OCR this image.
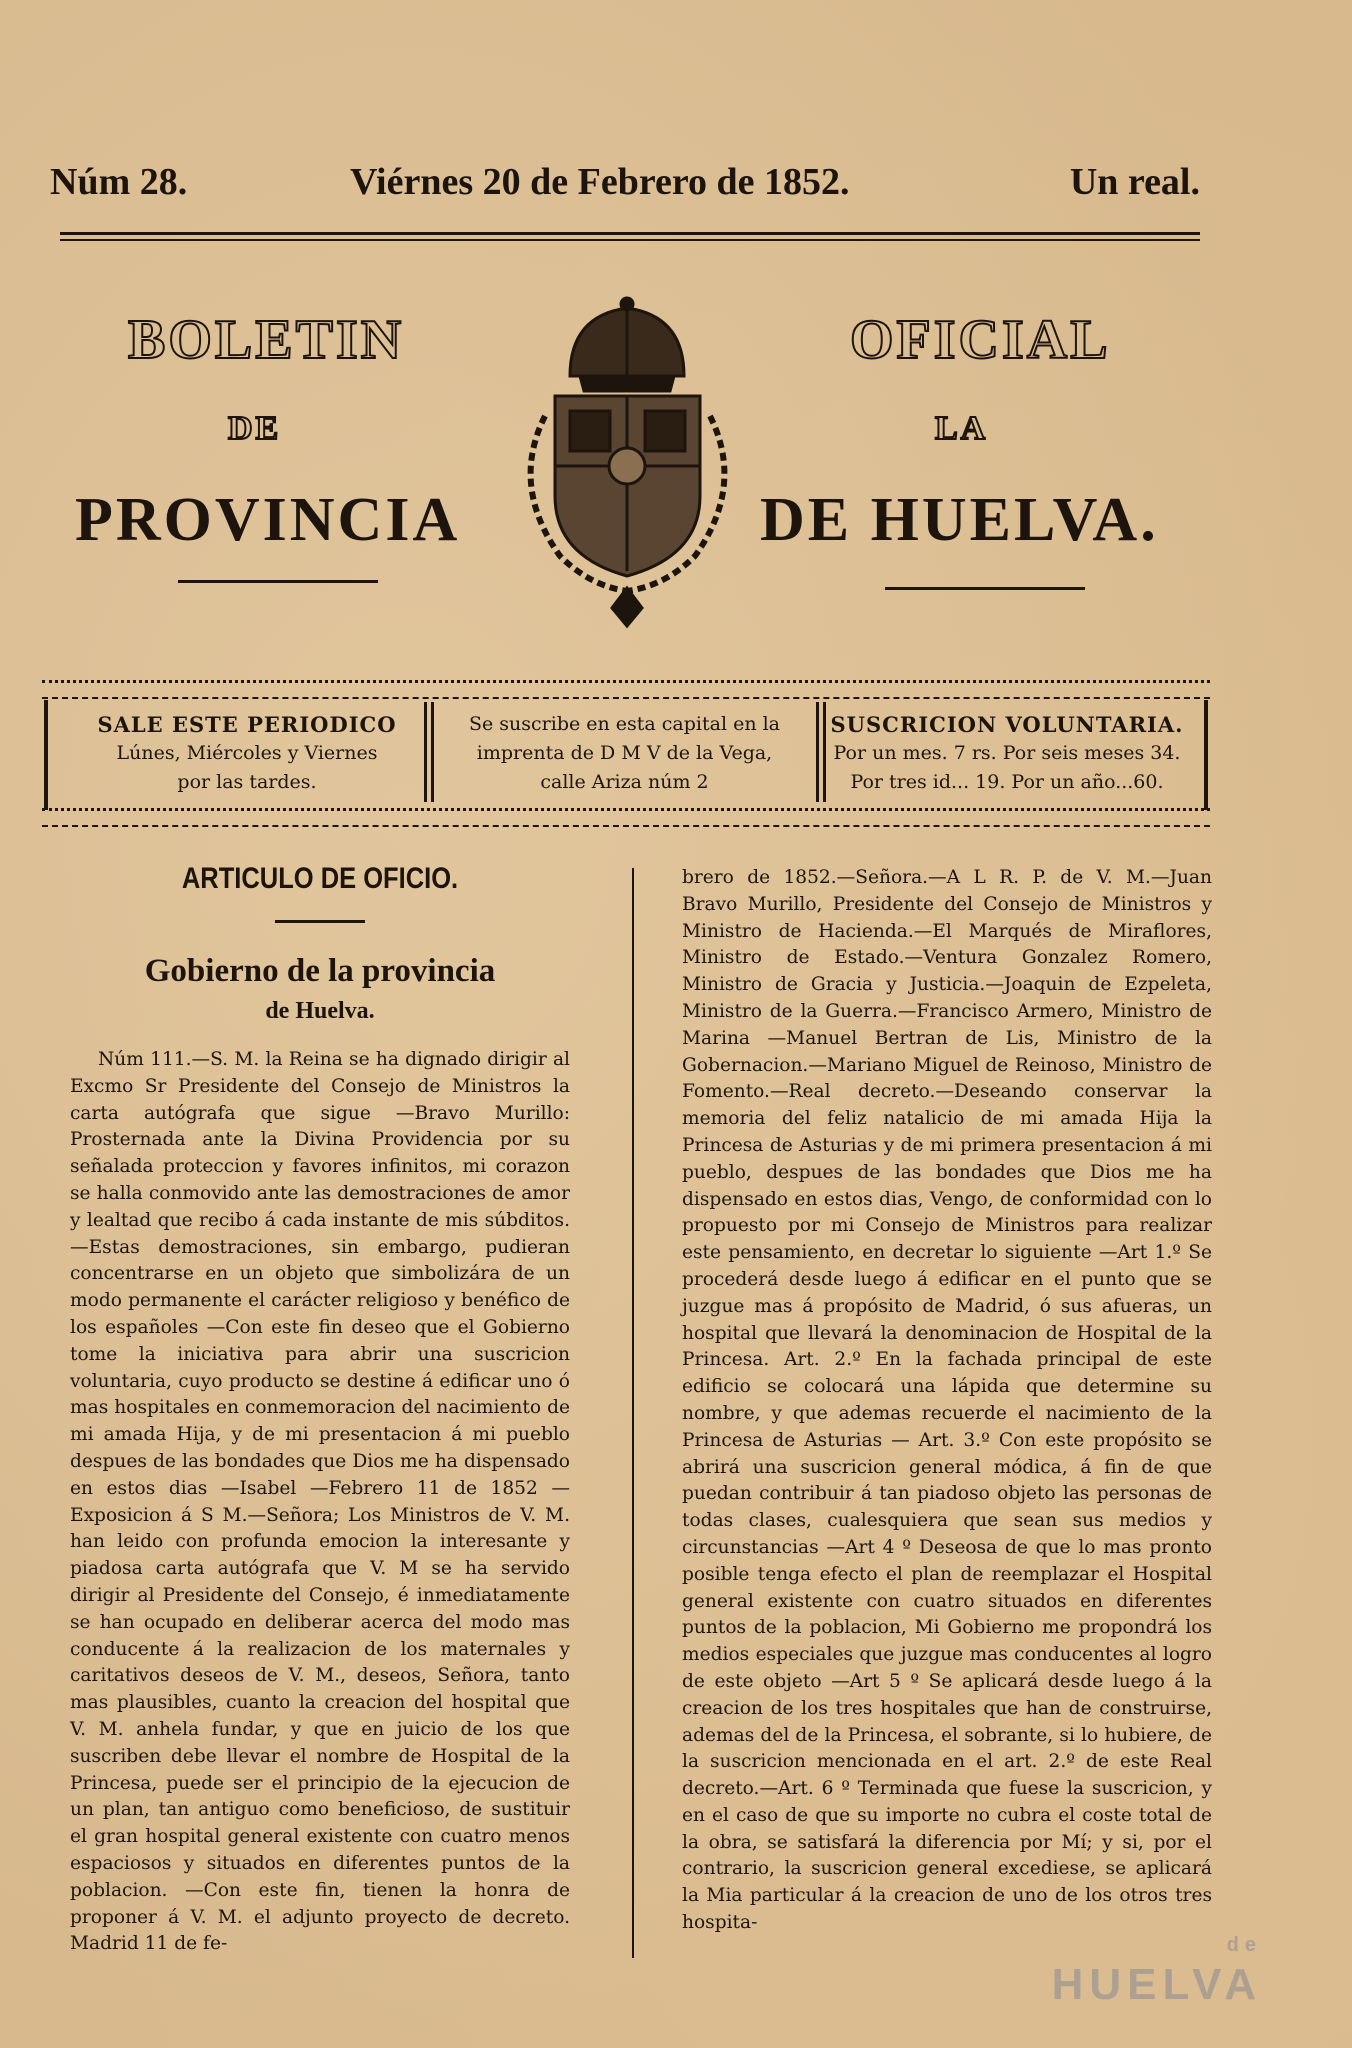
Núm 28.	Viérnes 20 de Febrero de 1852.	Un real.
BOLETIN	OFICIAL
DE	LA
PROVINCIA	DE HUELVA.
SALE ESTE PERIODICO
Lúnes, Miércoles y Viernes
por las tardes.
Se suscribe en esta capital en la
imprenta de D M V de la Vega,
calle Ariza núm 2
SUSCRICION VOLUNTARIA.
Por un mes. 7 rs. Por seis meses 34.
Por tres id... 19. Por un año...60.
ARTICULO DE OFICIO.
Gobierno de la provincia
de Huelva.

Núm 111.—S. M. la Reina se ha dignado dirigir al Excmo Sr Presidente del Consejo de Ministros la carta autógrafa que sigue —Bravo Murillo: Prosternada ante la Divina Providencia por su señalada proteccion y favores infinitos, mi corazon se halla conmovido ante las demostraciones de amor y lealtad que recibo á cada instante de mis súbditos. —Estas demostraciones, sin embargo, pudieran concentrarse en un objeto que simbolizára de un modo permanente el carácter religioso y benéfico de los españoles —Con este fin deseo que el Gobierno tome la iniciativa para abrir una suscricion voluntaria, cuyo producto se destine á edificar uno ó mas hospitales en conmemoracion del nacimiento de mi amada Hija, y de mi presentacion á mi pueblo despues de las bondades que Dios me ha dispensado en estos dias —Isabel —Febrero 11 de 1852 —Exposicion á S M.—Señora; Los Ministros de V. M. han leido con profunda emocion la interesante y piadosa carta autógrafa que V. M se ha servido dirigir al Presidente del Consejo, é inmediatamente se han ocupado en deliberar acerca del modo mas conducente á la realizacion de los maternales y caritativos deseos de V. M., deseos, Señora, tanto mas plausibles, cuanto la creacion del hospital que V. M. anhela fundar, y que en juicio de los que suscriben debe llevar el nombre de Hospital de la Princesa, puede ser el principio de la ejecucion de un plan, tan antiguo como beneficioso, de sustituir el gran hospital general existente con cuatro menos espaciosos y situados en diferentes puntos de la poblacion. —Con este fin, tienen la honra de proponer á V. M. el adjunto proyecto de decreto. Madrid 11 de fe-

brero de 1852.—Señora.—A L R. P. de V. M.—Juan Bravo Murillo, Presidente del Consejo de Ministros y Ministro de Hacienda.—El Marqués de Miraflores, Ministro de Estado.—Ventura Gonzalez Romero, Ministro de Gracia y Justicia.—Joaquin de Ezpeleta, Ministro de la Guerra.—Francisco Armero, Ministro de Marina —Manuel Bertran de Lis, Ministro de la Gobernacion.—Mariano Miguel de Reinoso, Ministro de Fomento.—Real decreto.—Deseando conservar la memoria del feliz natalicio de mi amada Hija la Princesa de Asturias y de mi primera presentacion á mi pueblo, despues de las bondades que Dios me ha dispensado en estos dias, Vengo, de conformidad con lo propuesto por mi Consejo de Ministros para realizar este pensamiento, en decretar lo siguiente —Art 1.º Se procederá desde luego á edificar en el punto que se juzgue mas á propósito de Madrid, ó sus afueras, un hospital que llevará la denominacion de Hospital de la Princesa. Art. 2.º En la fachada principal de este edificio se colocará una lápida que determine su nombre, y que ademas recuerde el nacimiento de la Princesa de Asturias — Art. 3.º Con este propósito se abrirá una suscricion general módica, á fin de que puedan contribuir á tan piadoso objeto las personas de todas clases, cualesquiera que sean sus medios y circunstancias —Art 4 º Deseosa de que lo mas pronto posible tenga efecto el plan de reemplazar el Hospital general existente con cuatro situados en diferentes puntos de la poblacion, Mi Gobierno me propondrá los medios especiales que juzgue mas conducentes al logro de este objeto —Art 5 º Se aplicará desde luego á la creacion de los tres hospitales que han de construirse, ademas del de la Princesa, el sobrante, si lo hubiere, de la suscricion mencionada en el art. 2.º de este Real decreto.—Art. 6 º Terminada que fuese la suscricion, y en el caso de que su importe no cubra el coste total de la obra, se satisfará la diferencia por Mí; y si, por el contrario, la suscricion general excediese, se aplicará la Mia particular á la creacion de uno de los otros tres hospita-

de
HUELVA
